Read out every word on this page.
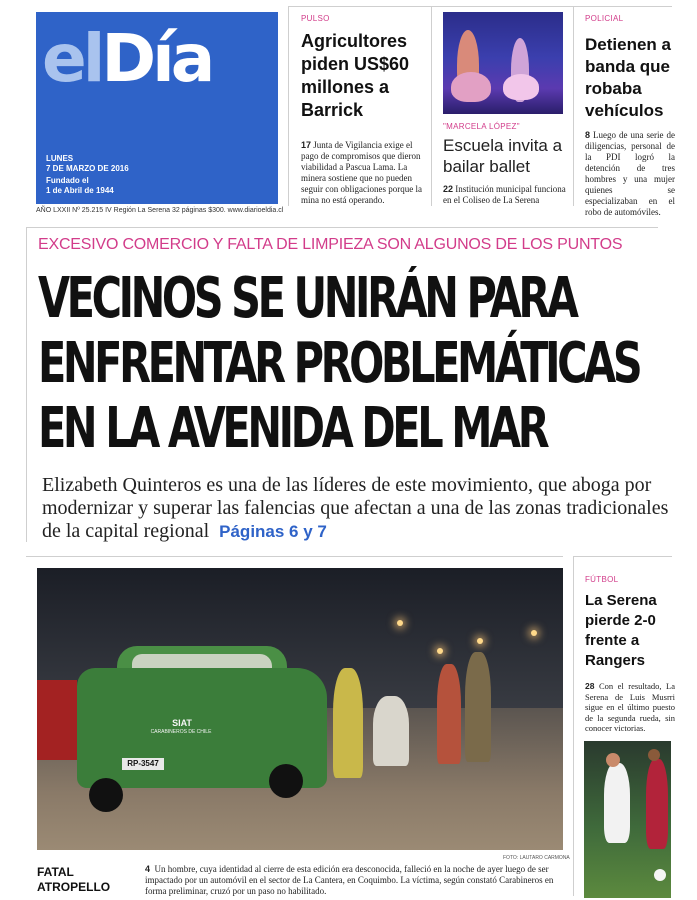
elDía
LUNES
7 DE MARZO DE 2016
Fundado el
1 de Abril de 1944
AÑO LXXII Nº 25.215 IV Región La Serena 32 páginas $300. www.diarioeldia.cl
PULSO
Agricultores piden US$60 millones a Barrick
17 Junta de Vigilancia exige el pago de compromisos que dieron viabilidad a Pascua Lama. La minera sostiene que no pueden seguir con obligaciones porque la mina no está operando.
"MARCELA LÓPEZ"
Escuela invita a bailar ballet
22 Institución municipal funciona en el Coliseo de La Serena
POLICIAL
Detienen a banda que robaba vehículos
8 Luego de una serie de diligencias, personal de la PDI logró la detención de tres hombres y una mujer quienes se especializaban en el robo de automóviles.
EXCESIVO COMERCIO Y FALTA DE LIMPIEZA SON ALGUNOS DE LOS PUNTOS
VECINOS SE UNIRÁN PARA
ENFRENTAR PROBLEMÁTICAS
EN LA AVENIDA DEL MAR
Elizabeth Quinteros es una de las líderes de este movimiento, que aboga por modernizar y superar las falencias que afectan a una de las zonas tradicionales de la capital regional Páginas 6 y 7
SIAT
CARABINEROS DE CHILE
RP-3547
FOTO: LAUTARO CARMONA
FATAL
ATROPELLO
4 Un hombre, cuya identidad al cierre de esta edición era desconocida, falleció en la noche de ayer luego de ser impactado por un automóvil en el sector de La Cantera, en Coquimbo. La víctima, según constató Carabineros en forma preliminar, cruzó por un paso no habilitado.
FÚTBOL
La Serena pierde 2-0 frente a Rangers
28 Con el resultado, La Serena de Luis Musrri sigue en el último puesto de la segunda rueda, sin conocer victorias.
